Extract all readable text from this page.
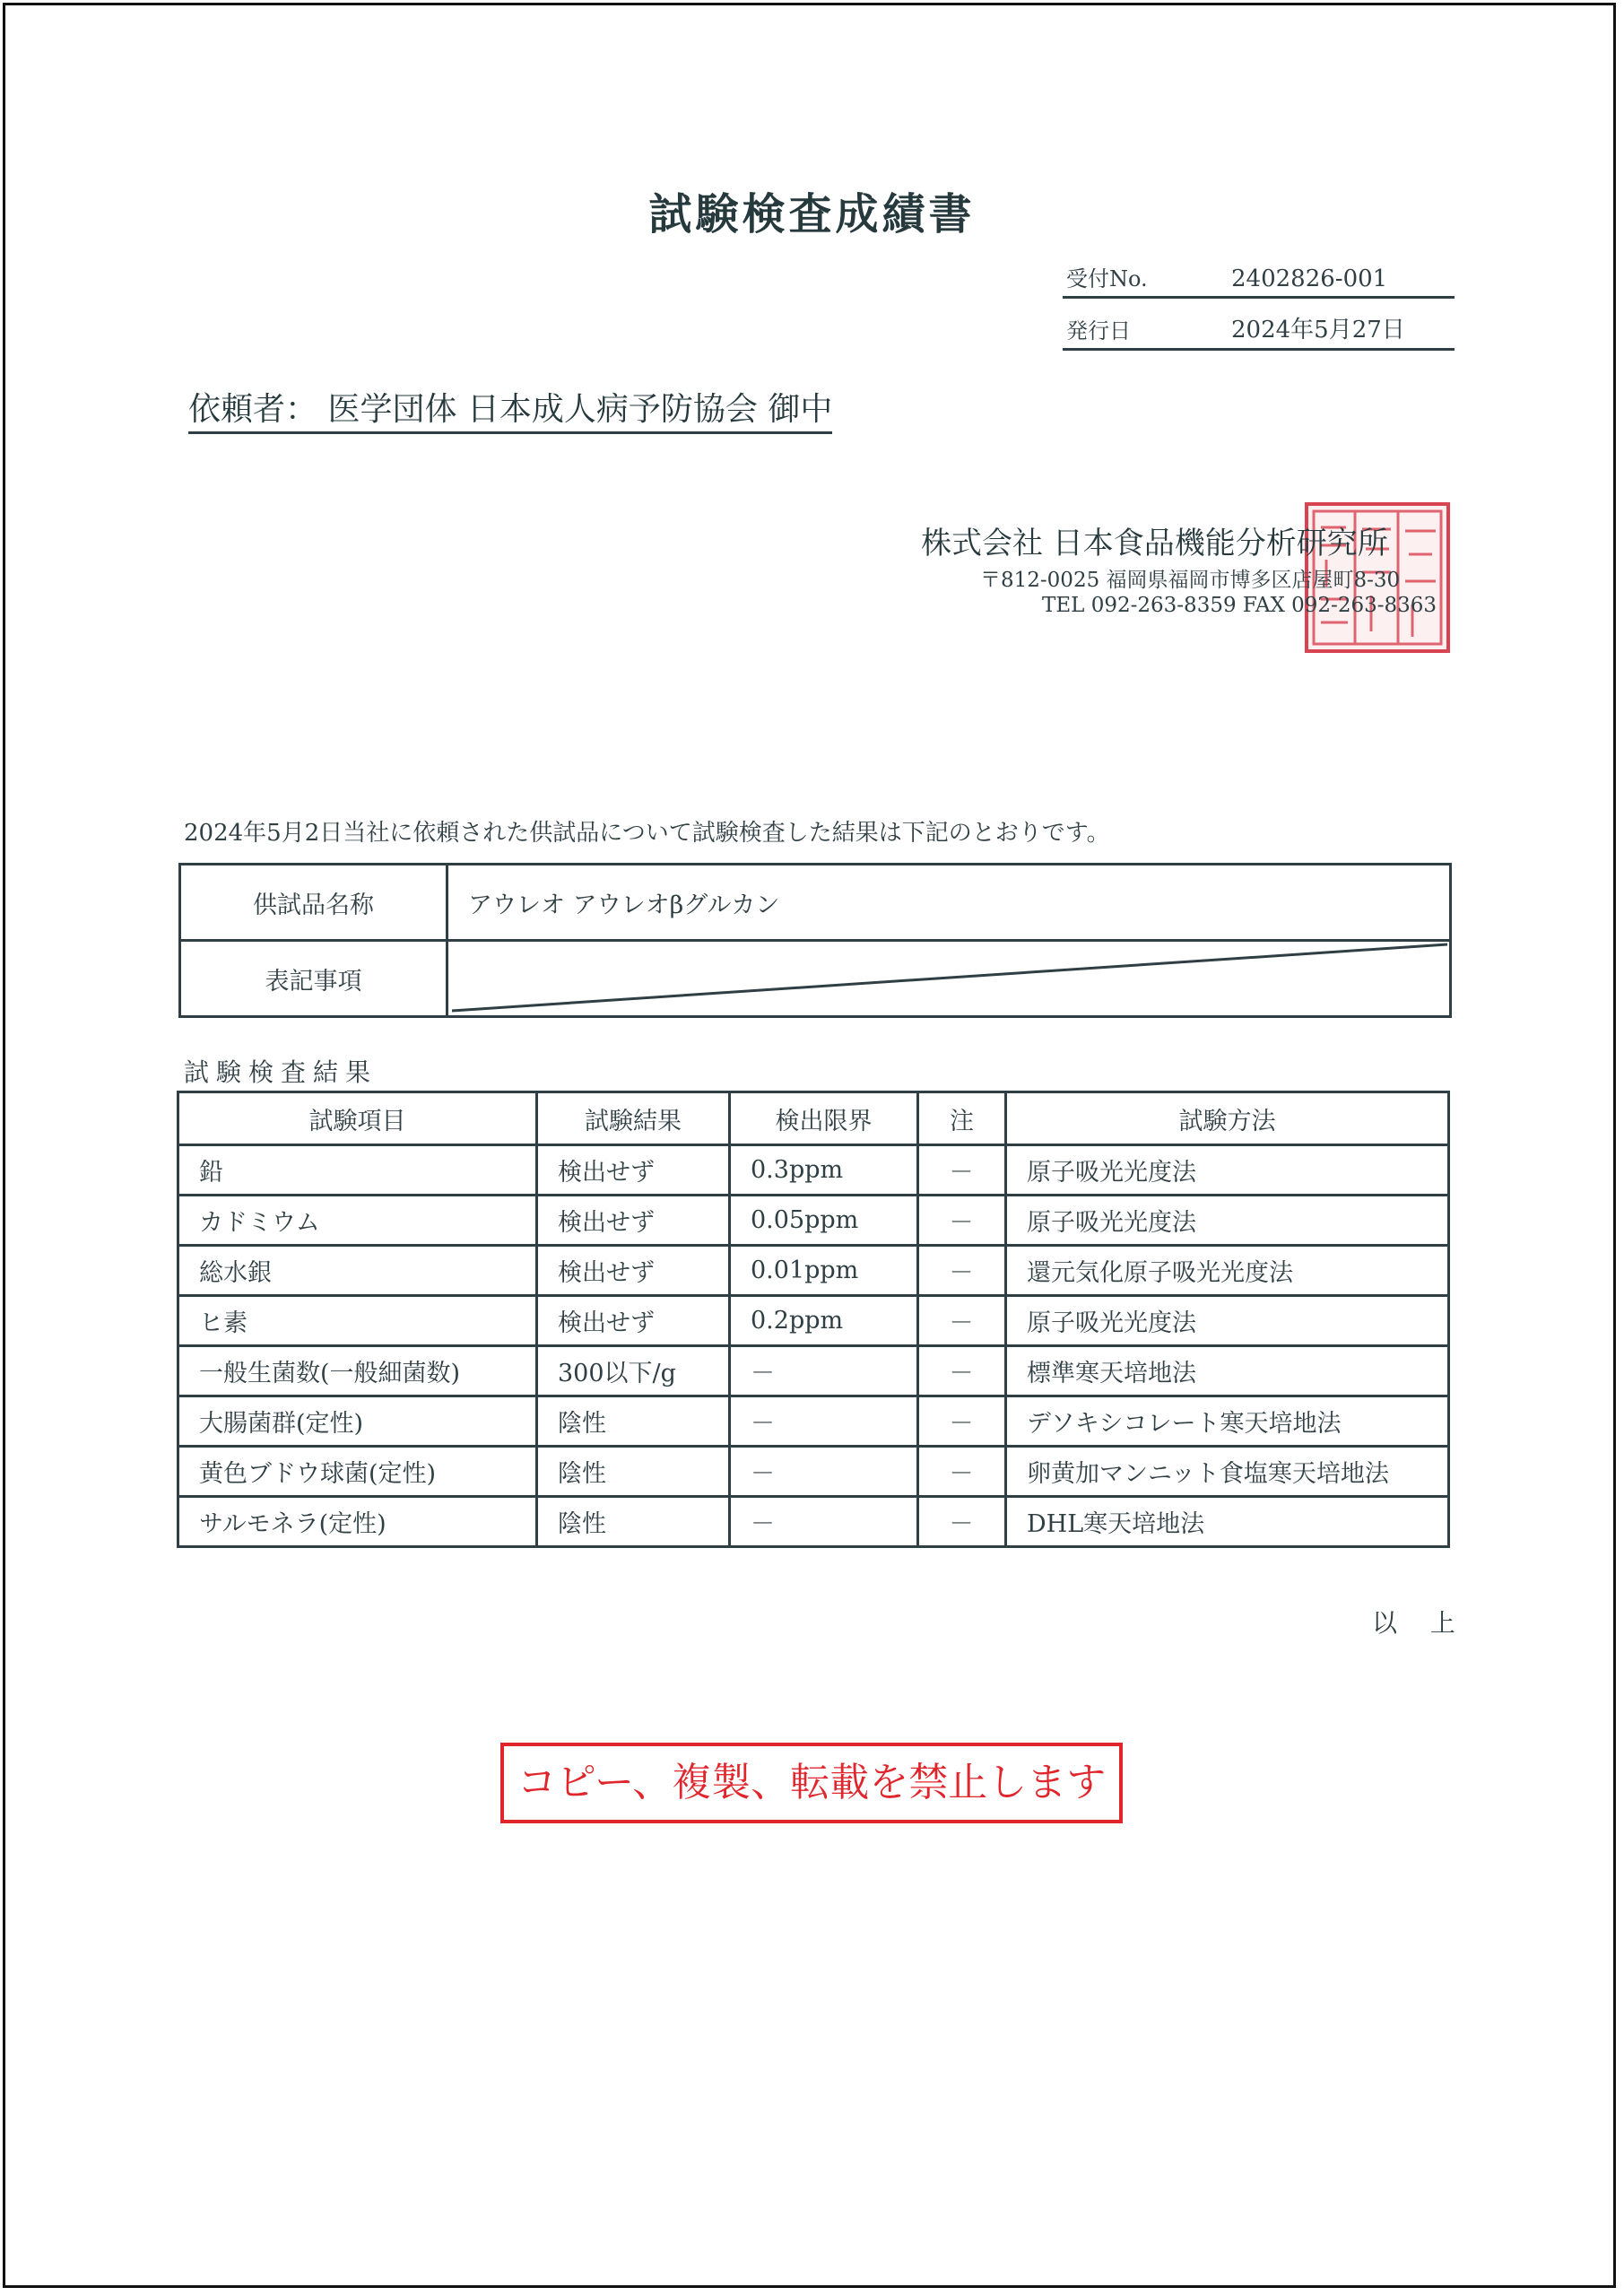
試験検査成績書
受付No.	2402826-001
発行日	2024年5月27日
依頼者： 医学団体 日本成人病予防協会 御中
株式会社 日本食品機能分析研究所
〒812-0025 福岡県福岡市博多区店屋町8-30
TEL 092-263-8359 FAX 092-263-8363
2024年5月2日当社に依頼された供試品について試験検査した結果は下記のとおりです。
供試品名称	アウレオ アウレオβグルカン
表記事項	
試験検査結果
試験項目	試験結果	検出限界	注	試験方法
鉛	検出せず	0.3ppm	－	原子吸光光度法
カドミウム	検出せず	0.05ppm	－	原子吸光光度法
総水銀	検出せず	0.01ppm	－	還元気化原子吸光光度法
ヒ素	検出せず	0.2ppm	－	原子吸光光度法
一般生菌数(一般細菌数)	300以下/g	－	－	標準寒天培地法
大腸菌群(定性)	陰性	－	－	デソキシコレート寒天培地法
黄色ブドウ球菌(定性)	陰性	－	－	卵黄加マンニット食塩寒天培地法
サルモネラ(定性)	陰性	－	－	DHL寒天培地法
以 上
コピー、複製、転載を禁止します
